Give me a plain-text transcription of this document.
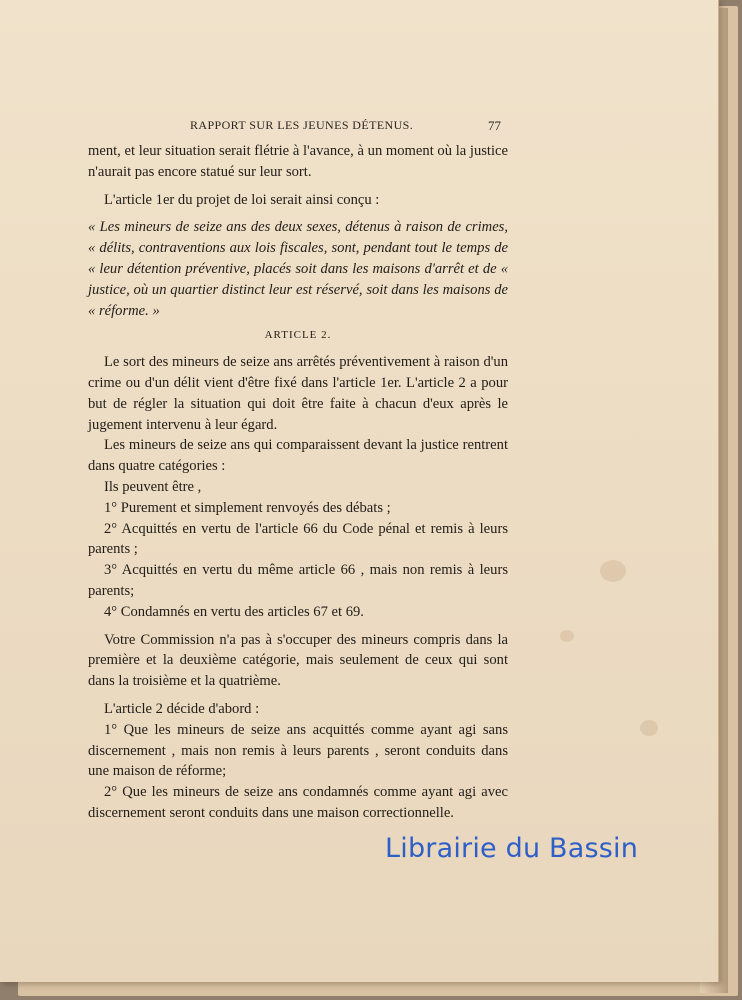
RAPPORT SUR LES JEUNES DÉTENUS.	77

ment, et leur situation serait flétrie à l'avance, à un moment où la justice n'aurait pas encore statué sur leur sort.

L'article 1er du projet de loi serait ainsi conçu :

« Les mineurs de seize ans des deux sexes, détenus à raison de crimes, « délits, contraventions aux lois fiscales, sont, pendant tout le temps de « leur détention préventive, placés soit dans les maisons d'arrêt et de « justice, où un quartier distinct leur est réservé, soit dans les maisons de « réforme. »

ARTICLE 2.

Le sort des mineurs de seize ans arrêtés préventivement à raison d'un crime ou d'un délit vient d'être fixé dans l'article 1er. L'article 2 a pour but de régler la situation qui doit être faite à chacun d'eux après le jugement intervenu à leur égard.

Les mineurs de seize ans qui comparaissent devant la justice rentrent dans quatre catégories :

Ils peuvent être ,

1° Purement et simplement renvoyés des débats ;

2° Acquittés en vertu de l'article 66 du Code pénal et remis à leurs parents ;

3° Acquittés en vertu du même article 66 , mais non remis à leurs parents;

4° Condamnés en vertu des articles 67 et 69.

Votre Commission n'a pas à s'occuper des mineurs compris dans la première et la deuxième catégorie, mais seulement de ceux qui sont dans la troisième et la quatrième.

L'article 2 décide d'abord :

1° Que les mineurs de seize ans acquittés comme ayant agi sans discernement , mais non remis à leurs parents , seront conduits dans une maison de réforme;

2° Que les mineurs de seize ans condamnés comme ayant agi avec discernement seront conduits dans une maison correctionnelle.

Librairie du Bassin
